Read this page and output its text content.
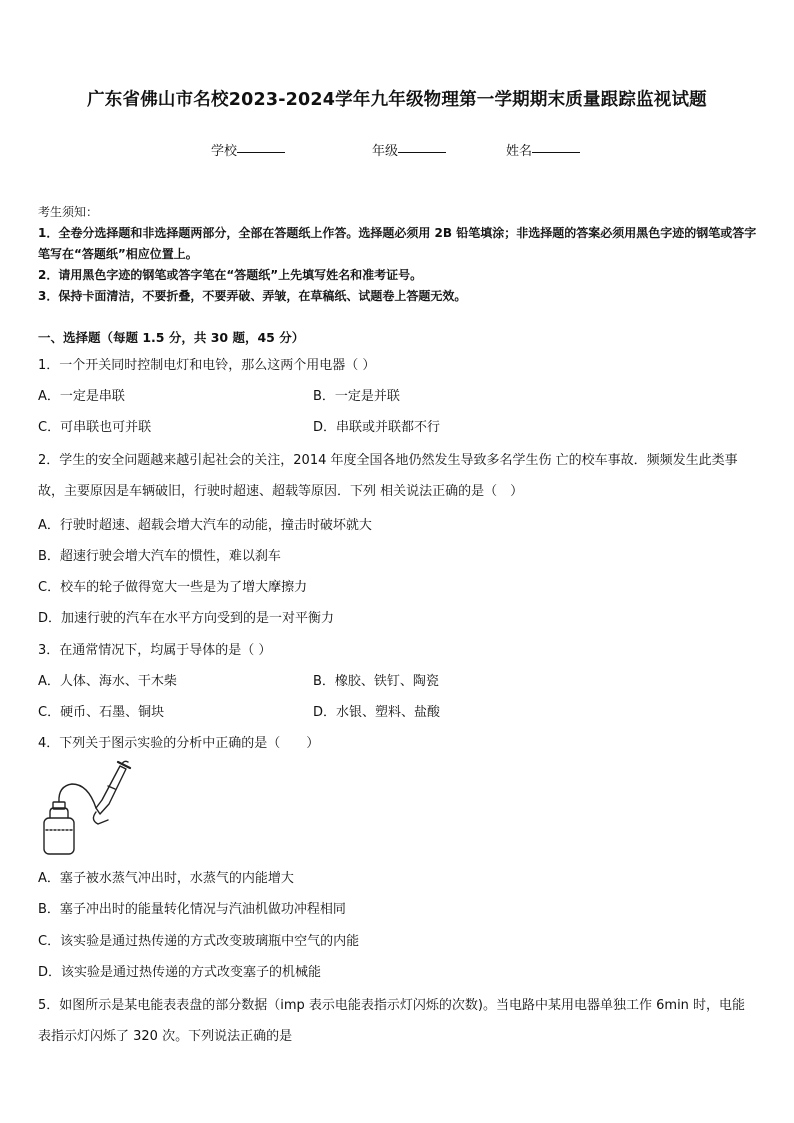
广东省佛山市名校2023-2024学年九年级物理第一学期期末质量跟踪监视试题
学校	年级	姓名
考生须知：
1．全卷分选择题和非选择题两部分，全部在答题纸上作答。选择题必须用 2B 铅笔填涂；非选择题的答案必须用黑色字迹的钢笔或答字笔写在“答题纸”相应位置上。
2．请用黑色字迹的钢笔或答字笔在“答题纸”上先填写姓名和准考证号。
3．保持卡面清洁，不要折叠，不要弄破、弄皱，在草稿纸、试题卷上答题无效。
一、选择题（每题 1.5 分，共 30 题，45 分）
1．一个开关同时控制电灯和电铃，那么这两个用电器（ ）
A．一定是串联	B．一定是并联
C．可串联也可并联	D．串联或并联都不行
2．学生的安全问题越来越引起社会的关注，2014 年度全国各地仍然发生导致多名学生伤 亡的校车事故．频频发生此类事故，主要原因是车辆破旧，行驶时超速、超载等原因．下列 相关说法正确的是（　）
A．行驶时超速、超载会增大汽车的动能，撞击时破坏就大
B．超速行驶会增大汽车的惯性，难以刹车
C．校车的轮子做得宽大一些是为了增大摩擦力
D．加速行驶的汽车在水平方向受到的是一对平衡力
3．在通常情况下，均属于导体的是（ ）
A．人体、海水、干木柴	B．橡胶、铁钉、陶瓷
C．硬币、石墨、铜块	D．水银、塑料、盐酸
4．下列关于图示实验的分析中正确的是（　　）
A．塞子被水蒸气冲出时，水蒸气的内能增大
B．塞子冲出时的能量转化情况与汽油机做功冲程相同
C．该实验是通过热传递的方式改变玻璃瓶中空气的内能
D．该实验是通过热传递的方式改变塞子的机械能
5．如图所示是某电能表表盘的部分数据（imp 表示电能表指示灯闪烁的次数)。当电路中某用电器单独工作 6min 时，电能表指示灯闪烁了 320 次。下列说法正确的是
